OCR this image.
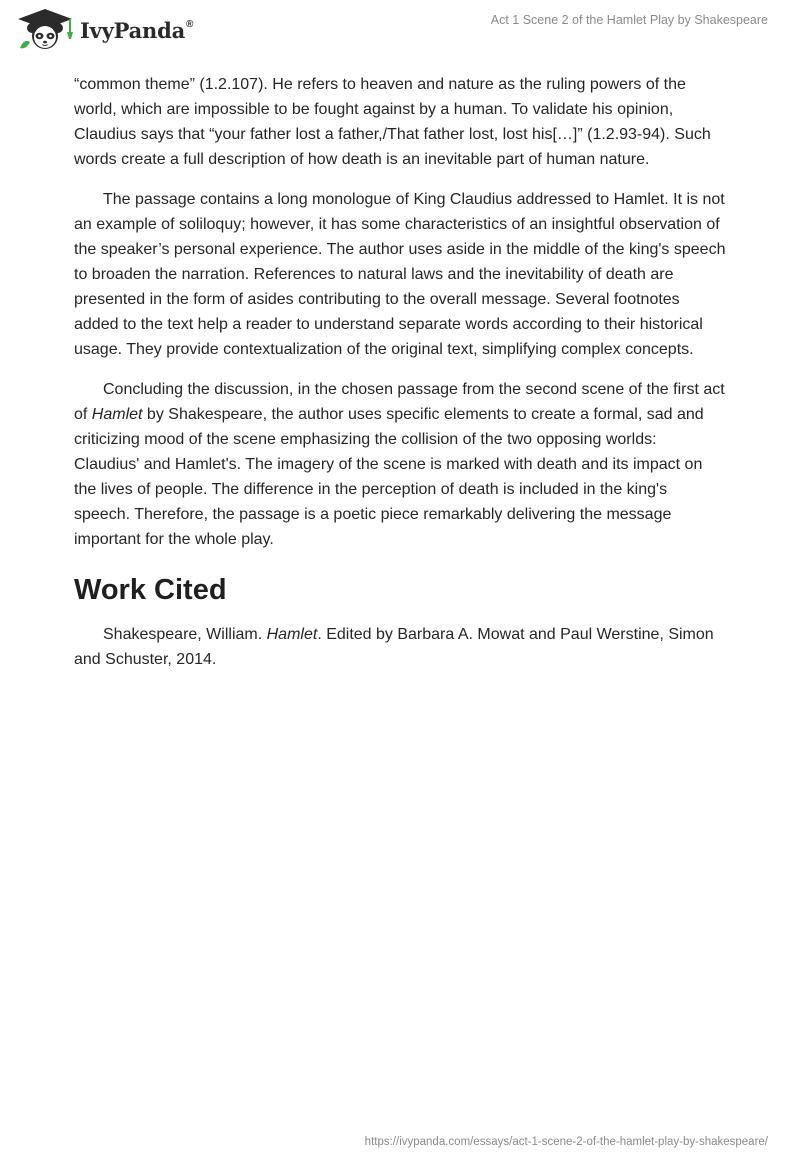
IvyPanda®	Act 1 Scene 2 of the Hamlet Play by Shakespeare

“common theme” (1.2.107). He refers to heaven and nature as the ruling powers of the world, which are impossible to be fought against by a human. To validate his opinion, Claudius says that “your father lost a father,/That father lost, lost his[…]” (1.2.93-94). Such words create a full description of how death is an inevitable part of human nature.

The passage contains a long monologue of King Claudius addressed to Hamlet. It is not an example of soliloquy; however, it has some characteristics of an insightful observation of the speaker’s personal experience. The author uses aside in the middle of the king's speech to broaden the narration. References to natural laws and the inevitability of death are presented in the form of asides contributing to the overall message. Several footnotes added to the text help a reader to understand separate words according to their historical usage. They provide contextualization of the original text, simplifying complex concepts.

Concluding the discussion, in the chosen passage from the second scene of the first act of Hamlet by Shakespeare, the author uses specific elements to create a formal, sad and criticizing mood of the scene emphasizing the collision of the two opposing worlds: Claudius' and Hamlet's. The imagery of the scene is marked with death and its impact on the lives of people. The difference in the perception of death is included in the king's speech. Therefore, the passage is a poetic piece remarkably delivering the message important for the whole play.

Work Cited

Shakespeare, William. Hamlet. Edited by Barbara A. Mowat and Paul Werstine, Simon and Schuster, 2014.

https://ivypanda.com/essays/act-1-scene-2-of-the-hamlet-play-by-shakespeare/
